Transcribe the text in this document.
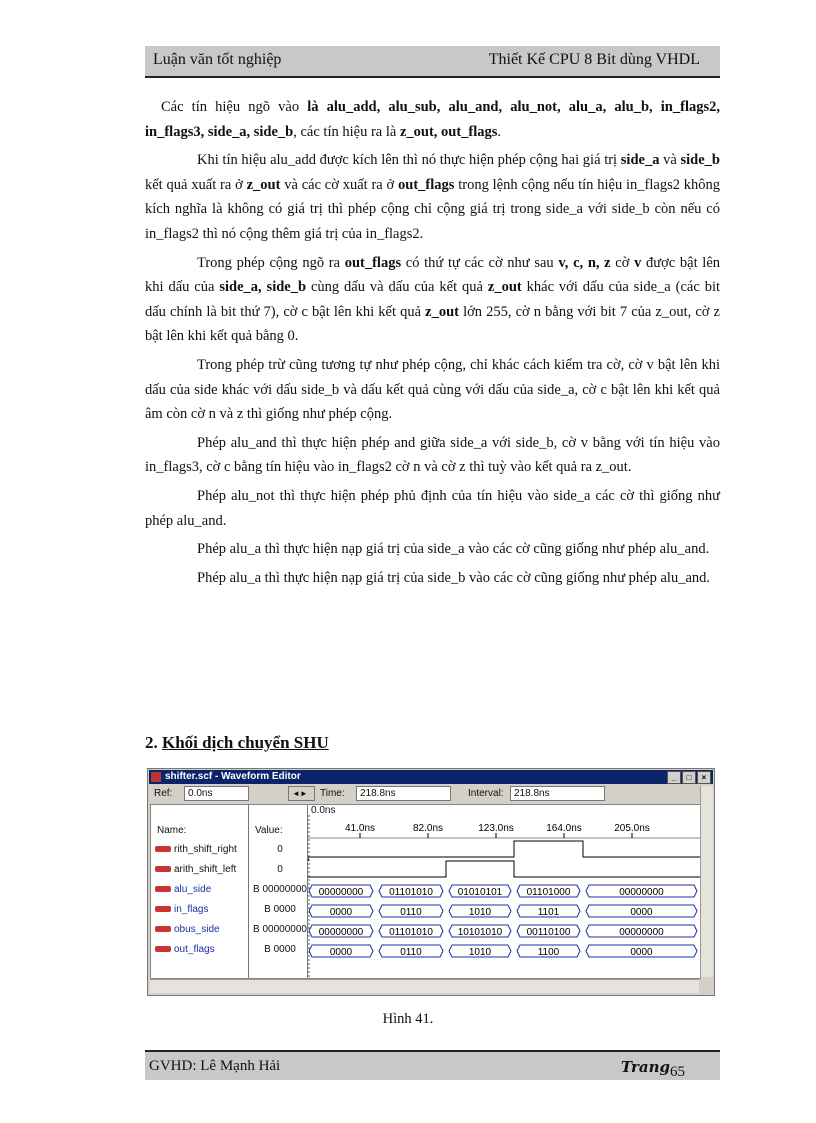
Luận văn tốt nghiệp	Thiết Kế CPU 8 Bit dùng VHDL

Các tín hiệu ngõ vào là alu_add, alu_sub, alu_and, alu_not, alu_a, alu_b, in_flags2, in_flags3, side_a, side_b, các tín hiệu ra là z_out, out_flags.

Khi tín hiệu alu_add được kích lên thì nó thực hiện phép cộng hai giá trị side_a và side_b kết quả xuất ra ở z_out và các cờ xuất ra ở out_flags trong lệnh cộng nếu tín hiệu in_flags2 không kích nghĩa là không có giá trị thì phép cộng chỉ cộng giá trị trong side_a với side_b còn nếu có in_flags2 thì nó cộng thêm giá trị của in_flags2.

Trong phép cộng ngõ ra out_flags có thứ tự các cờ như sau v, c, n, z cờ v được bật lên khi dấu của side_a, side_b cùng dấu và dấu của kết quả z_out khác với dấu của side_a (các bit dấu chính là bit thứ 7), cờ c bật lên khi kết quả z_out lớn 255, cờ n bằng với bit 7 của z_out, cờ z bật lên khi kết quả bằng 0.

Trong phép trừ cũng tương tự như phép cộng, chỉ khác cách kiểm tra cờ, cờ v bật lên khi dấu của side khác với dấu side_b và dấu kết quả cùng với dấu của side_a, cờ c bật lên khi kết quả âm còn cờ n và z thì giống như phép cộng.

Phép alu_and thì thực hiện phép and giữa side_a với side_b, cờ v bằng với tín hiệu vào in_flags3, cờ c bằng tín hiệu vào in_flags2 cờ n và cờ z thì tuỳ vào kết quả ra z_out.

Phép alu_not thì thực hiện phép phủ định của tín hiệu vào side_a các cờ thì giống như phép alu_and.

Phép alu_a thì thực hiện nạp giá trị của side_a vào các cờ cũng giống như phép alu_and.

Phép alu_a thì thực hiện nạp giá trị của side_b vào các cờ cũng giống như phép alu_and.

2. Khối dịch chuyển SHU
shifter.scf - Waveform Editor	_ □ ×
Ref:	0.0ns	◄►	Time:	218.8ns	Interval:	218.8ns
Name:	Value:
0.0ns
rith_shift_right	0
arith_shift_left	0
alu_side	B 00000000
in_flags	B 0000
obus_side	B 00000000
out_flags	B 0000
41.0ns	82.0ns	123.0ns	164.0ns	205.0ns
00000000	01101010 01010101 01101000	00000000
0000	0110	1010	1101	0000
00000000	01101010 10101010 00110100	00000000
0000	0110	1010	1100	0000
Hình 41.
GVHD: Lê Mạnh Hải	Trang 65
